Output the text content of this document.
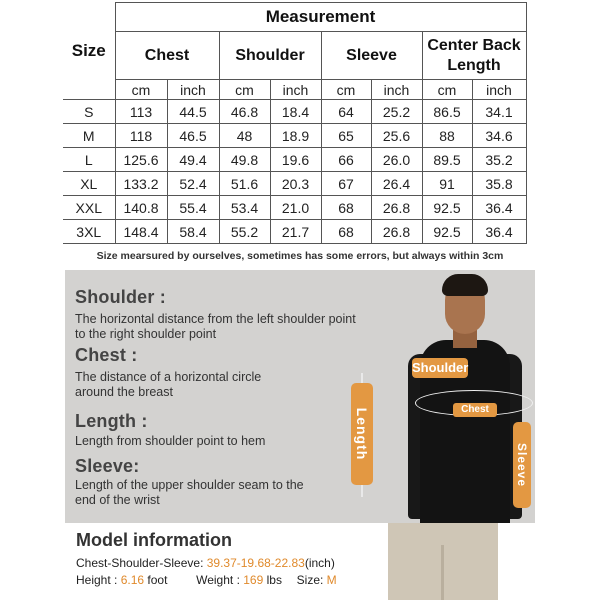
Size	Measurement							
	Chest		Shoulder		Sleeve		Center Back Length	
	cm	inch	cm	inch	cm	inch	cm	inch
S	113	44.5	46.8	18.4	64	25.2	86.5	34.1
M	118	46.5	48	18.9	65	25.6	88	34.6
L	125.6	49.4	49.8	19.6	66	26.0	89.5	35.2
XL	133.2	52.4	51.6	20.3	67	26.4	91	35.8
XXL	140.8	55.4	53.4	21.0	68	26.8	92.5	36.4
3XL	148.4	58.4	55.2	21.7	68	26.8	92.5	36.4
Size mearsured by ourselves, sometimes has some errors, but always within 3cm
Shoulder :
The horizontal distance from the left shoulder point to the right shoulder point
Chest :
The distance of a horizontal circle around the breast
Length :
Length from shoulder point to hem
Sleeve:
Length of the upper shoulder seam to the end of the wrist
Length
Shoulder
Chest
Sleeve
Model information
Chest-Shoulder-Sleeve: 39.37-19.68-22.83(inch)
Height : 6.16 foot Weight : 169 lbs Size: M
